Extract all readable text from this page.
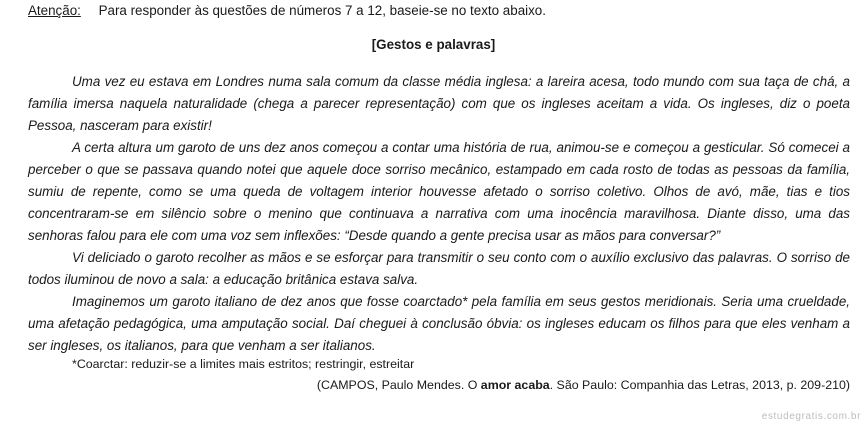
Atenção: Para responder às questões de números 7 a 12, baseie-se no texto abaixo.
[Gestos e palavras]

Uma vez eu estava em Londres numa sala comum da classe média inglesa: a lareira acesa, todo mundo com sua taça de chá, a família imersa naquela naturalidade (chega a parecer representação) com que os ingleses aceitam a vida. Os ingleses, diz o poeta Pessoa, nasceram para existir!

A certa altura um garoto de uns dez anos começou a contar uma história de rua, animou-se e começou a gesticular. Só comecei a perceber o que se passava quando notei que aquele doce sorriso mecânico, estampado em cada rosto de todas as pessoas da família, sumiu de repente, como se uma queda de voltagem interior houvesse afetado o sorriso coletivo. Olhos de avó, mãe, tias e tios concentraram-se em silêncio sobre o menino que continuava a narrativa com uma inocência maravilhosa. Diante disso, uma das senhoras falou para ele com uma voz sem inflexões: “Desde quando a gente precisa usar as mãos para conversar?”

Vi deliciado o garoto recolher as mãos e se esforçar para transmitir o seu conto com o auxílio exclusivo das palavras. O sorriso de todos iluminou de novo a sala: a educação britânica estava salva.

Imaginemos um garoto italiano de dez anos que fosse coarctado* pela família em seus gestos meridionais. Seria uma crueldade, uma afetação pedagógica, uma amputação social. Daí cheguei à conclusão óbvia: os ingleses educam os filhos para que eles venham a ser ingleses, os italianos, para que venham a ser italianos.

*Coarctar: reduzir-se a limites mais estritos; restringir, estreitar
(CAMPOS, Paulo Mendes. O amor acaba. São Paulo: Companhia das Letras, 2013, p. 209-210)
estudegratis.com.br
